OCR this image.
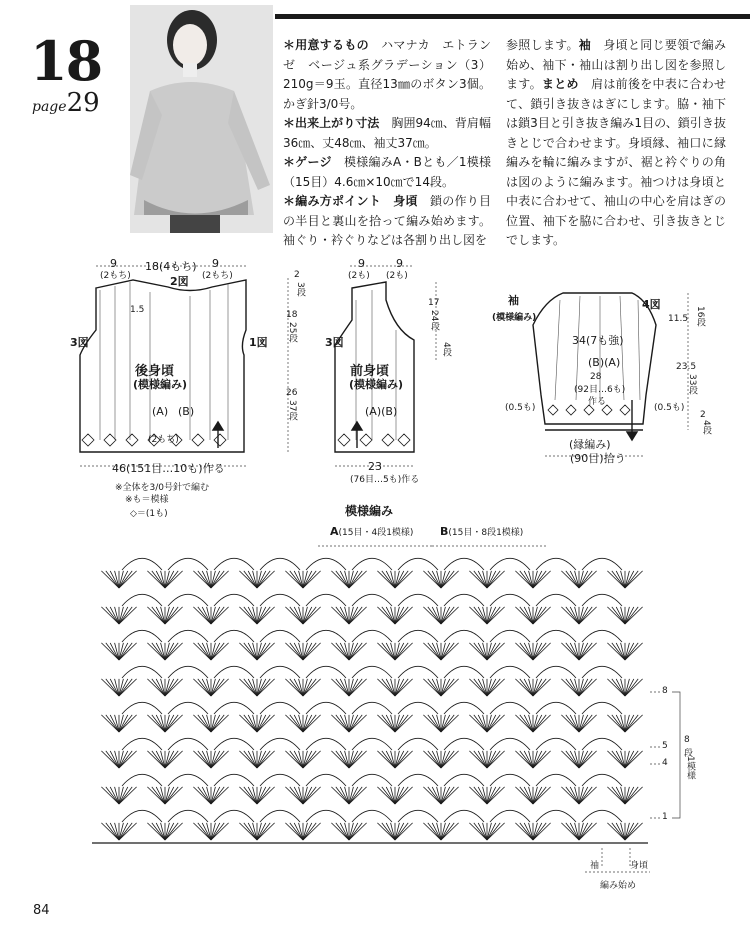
18
page29
＊用意するもの　ハマナカ　エトランゼ　ベージュ系グラデーション（3）210g＝9玉。直径13㎜のボタン3個。かぎ針3/0号。
＊出来上がり寸法　胸囲94㎝、背肩幅36㎝、丈48㎝、袖丈37㎝。
＊ゲージ　模様編みA・Bとも／1模様（15目）4.6㎝×10㎝で14段。
＊編み方ポイント　身頃　鎖の作り目の半目と裏山を拾って編み始めます。袖ぐり・衿ぐりなどは各割り出し図を
参照します。袖　身頃と同じ要領で編み始め、袖下・袖山は割り出し図を参照します。まとめ　肩は前後を中表に合わせて、鎖引き抜きはぎにします。脇・袖下は鎖3目と引き抜き編み1目の、鎖引き抜きとじで合わせます。身頃縁、袖口に縁編みを輪に編みますが、裾と衿ぐりの角は図のように編みます。袖つけは身頃と中表に合わせて、袖山の中心を肩はぎの位置、袖下を脇に合わせ、引き抜きとじでします。
9
(2もち)
18(4もち) 9
(2もち)
2図
1.5
3図	1図
後身頃
(模様編み)
(A) (B)
(2もち)
46(151目…10も)作る
※全体を3/0号針で編む
※も＝模様
◇＝(1も)
2
3段
18
25段
26
37段
9
(2も)
9
(2も)
3図
17
24段
4段
前身頃
(模様編み)
(A)(B)
23
(76目…5も)作る
袖
(模様編み)
4図
34(7も強)
(B)(A)
28
(92目…6も)
作る
11.5 16段
23.5
33段
2
4段
(0.5も)	(0.5も)
(縁編み)
(90目)拾う
模様編み
A(15目・4段1模様) B(15目・8段1模様)
8
5
4
1
8
段
1模様
袖	身頃
編み始め
84
